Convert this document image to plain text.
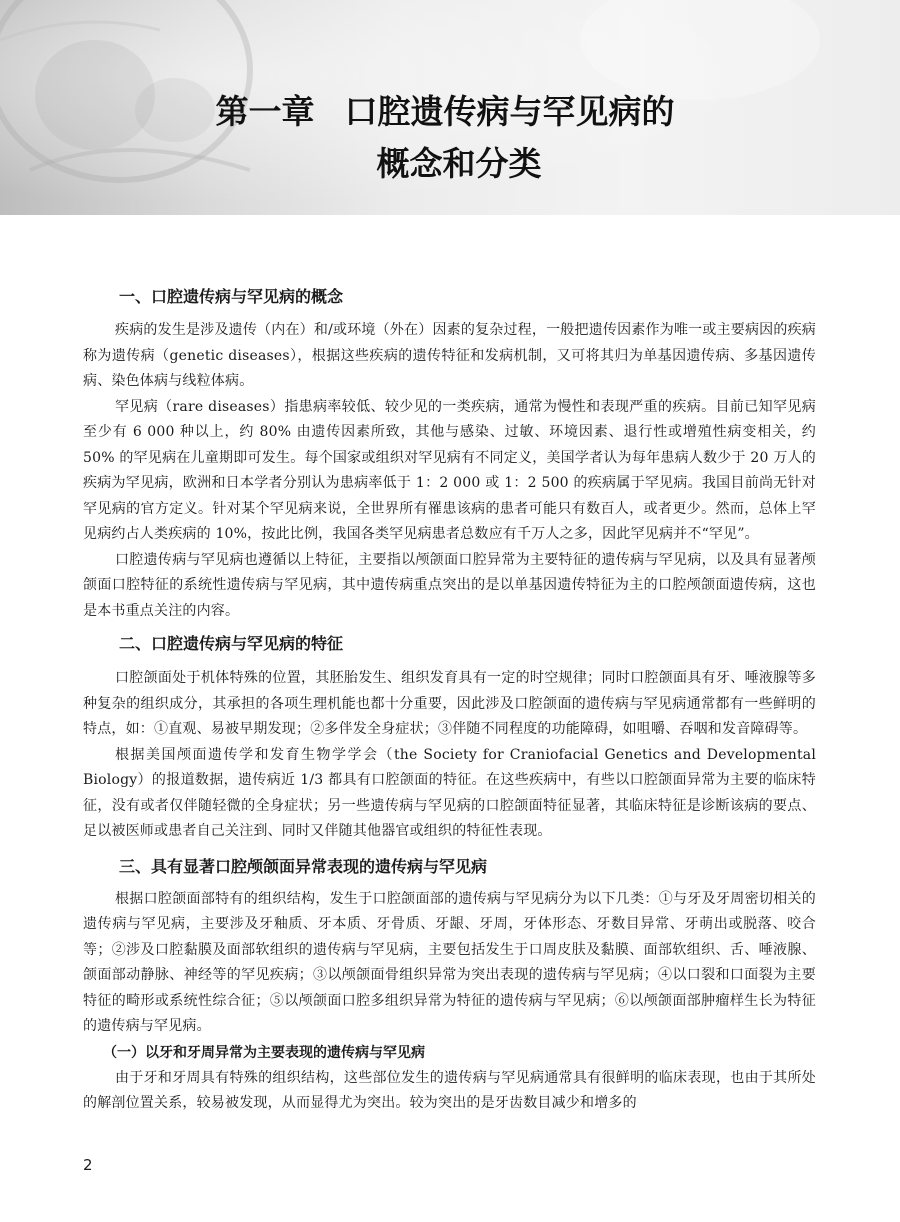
第一章 口腔遗传病与罕见病的
概念和分类
一、口腔遗传病与罕见病的概念

疾病的发生是涉及遗传（内在）和/或环境（外在）因素的复杂过程，一般把遗传因素作为唯一或主要病因的疾病称为遗传病（genetic diseases），根据这些疾病的遗传特征和发病机制，又可将其归为单基因遗传病、多基因遗传病、染色体病与线粒体病。

罕见病（rare diseases）指患病率较低、较少见的一类疾病，通常为慢性和表现严重的疾病。目前已知罕见病至少有 6 000 种以上，约 80% 由遗传因素所致，其他与感染、过敏、环境因素、退行性或增殖性病变相关，约 50% 的罕见病在儿童期即可发生。每个国家或组织对罕见病有不同定义，美国学者认为每年患病人数少于 20 万人的疾病为罕见病，欧洲和日本学者分别认为患病率低于 1：2 000 或 1：2 500 的疾病属于罕见病。我国目前尚无针对罕见病的官方定义。针对某个罕见病来说，全世界所有罹患该病的患者可能只有数百人，或者更少。然而，总体上罕见病约占人类疾病的 10%，按此比例，我国各类罕见病患者总数应有千万人之多，因此罕见病并不“罕见”。

口腔遗传病与罕见病也遵循以上特征，主要指以颅颌面口腔异常为主要特征的遗传病与罕见病，以及具有显著颅颌面口腔特征的系统性遗传病与罕见病，其中遗传病重点突出的是以单基因遗传特征为主的口腔颅颌面遗传病，这也是本书重点关注的内容。

二、口腔遗传病与罕见病的特征

口腔颌面处于机体特殊的位置，其胚胎发生、组织发育具有一定的时空规律；同时口腔颌面具有牙、唾液腺等多种复杂的组织成分，其承担的各项生理机能也都十分重要，因此涉及口腔颌面的遗传病与罕见病通常都有一些鲜明的特点，如：①直观、易被早期发现；②多伴发全身症状；③伴随不同程度的功能障碍，如咀嚼、吞咽和发音障碍等。

根据美国颅面遗传学和发育生物学学会（the Society for Craniofacial Genetics and Developmental Biology）的报道数据，遗传病近 1/3 都具有口腔颌面的特征。在这些疾病中，有些以口腔颌面异常为主要的临床特征，没有或者仅伴随轻微的全身症状；另一些遗传病与罕见病的口腔颌面特征显著，其临床特征是诊断该病的要点、足以被医师或患者自己关注到、同时又伴随其他器官或组织的特征性表现。

三、具有显著口腔颅颌面异常表现的遗传病与罕见病

根据口腔颌面部特有的组织结构，发生于口腔颌面部的遗传病与罕见病分为以下几类：①与牙及牙周密切相关的遗传病与罕见病，主要涉及牙釉质、牙本质、牙骨质、牙龈、牙周，牙体形态、牙数目异常、牙萌出或脱落、咬合等；②涉及口腔黏膜及面部软组织的遗传病与罕见病，主要包括发生于口周皮肤及黏膜、面部软组织、舌、唾液腺、颌面部动静脉、神经等的罕见疾病；③以颅颌面骨组织异常为突出表现的遗传病与罕见病；④以口裂和口面裂为主要特征的畸形或系统性综合征；⑤以颅颌面口腔多组织异常为特征的遗传病与罕见病；⑥以颅颌面部肿瘤样生长为特征的遗传病与罕见病。

（一）以牙和牙周异常为主要表现的遗传病与罕见病

由于牙和牙周具有特殊的组织结构，这些部位发生的遗传病与罕见病通常具有很鲜明的临床表现，也由于其所处的解剖位置关系，较易被发现，从而显得尤为突出。较为突出的是牙齿数目减少和增多的

2
